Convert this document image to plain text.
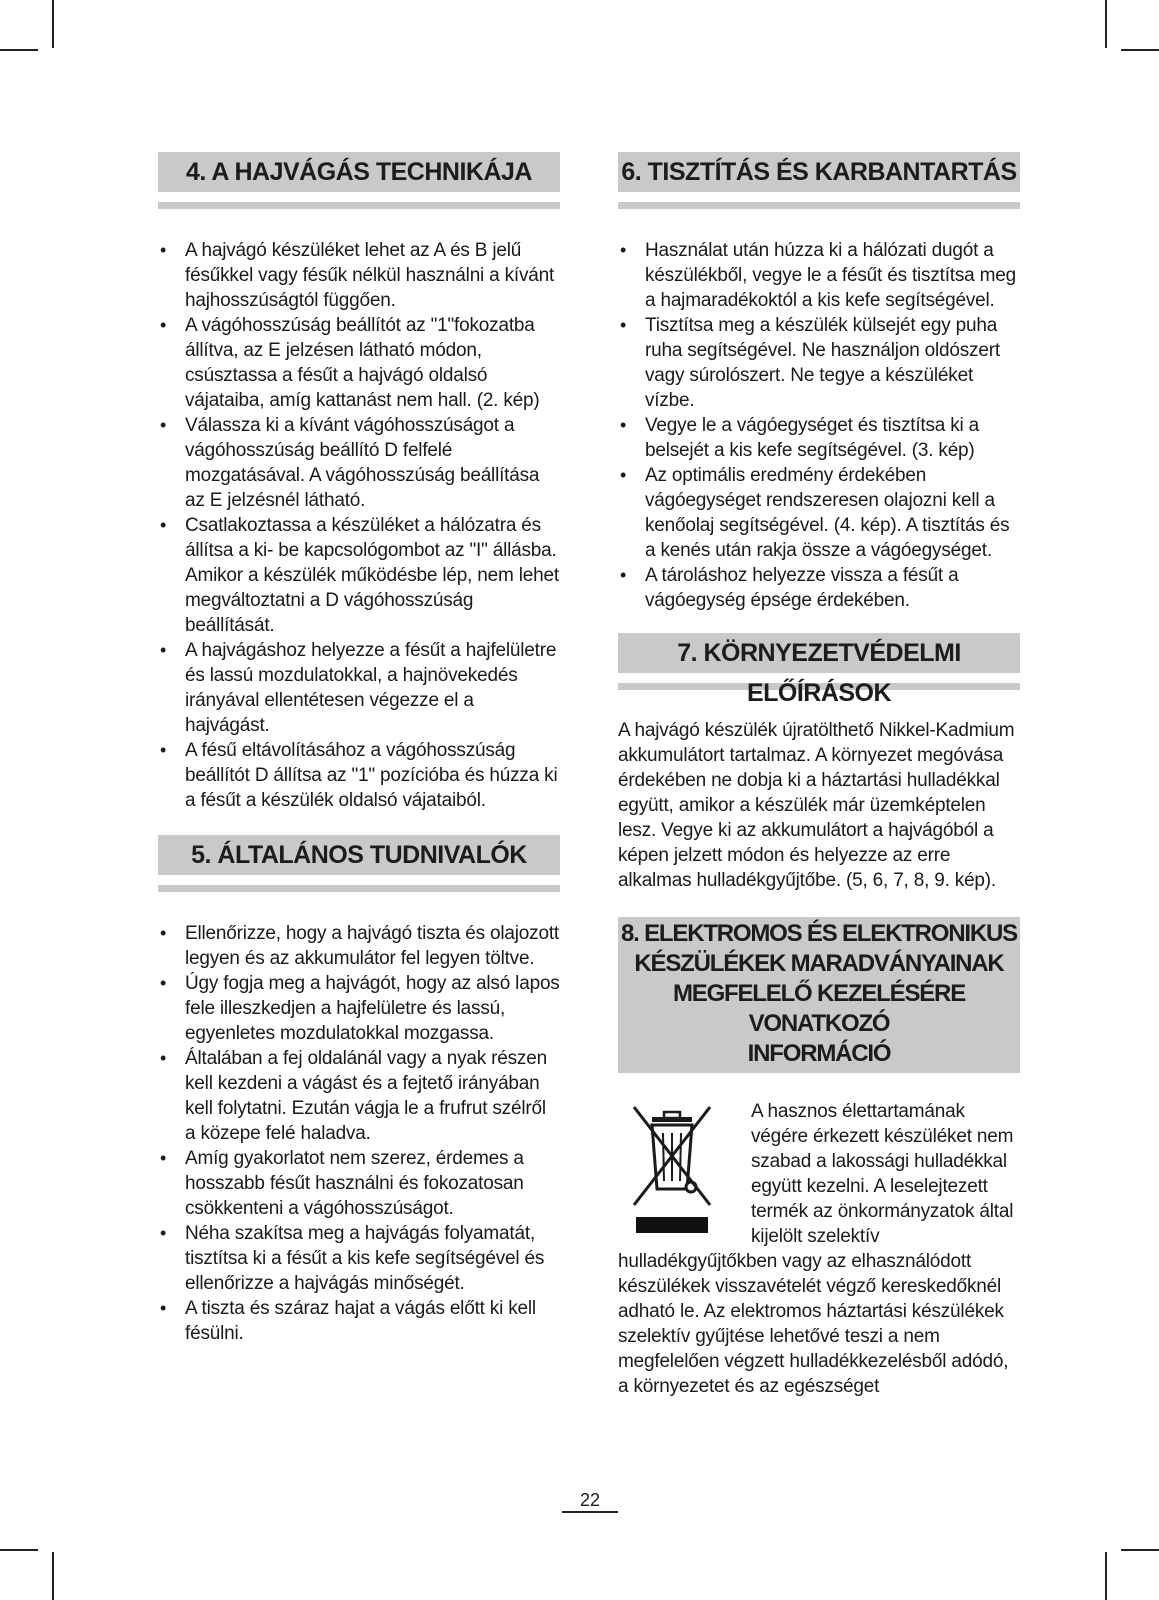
4. A HAJVÁGÁS TECHNIKÁJA
• A hajvágó készüléket lehet az A és B jelű fésűkkel vagy fésűk nélkül használni a kívánt hajhosszúságtól függően.
• A vágóhosszúság beállítót az "1"fokozatba állítva, az E jelzésen látható módon, csúsztassa a fésűt a hajvágó oldalsó vájataiba, amíg kattanást nem hall. (2. kép)
• Válassza ki a kívánt vágóhosszúságot a vágóhosszúság beállító D felfelé mozgatásával. A vágóhosszúság beállítása az E jelzésnél látható.
• Csatlakoztassa a készüléket a hálózatra és állítsa a ki- be kapcsológombot az "I" állásba. Amikor a készülék működésbe lép, nem lehet megváltoztatni a D vágóhosszúság beállítását.
• A hajvágáshoz helyezze a fésűt a hajfelületre és lassú mozdulatokkal, a hajnövekedés irányával ellentétesen végezze el a hajvágást.
• A fésű eltávolításához a vágóhosszúság beállítót D állítsa az "1" pozícióba és húzza ki a fésűt a készülék oldalsó vájataiból.
5. ÁLTALÁNOS TUDNIVALÓK
• Ellenőrizze, hogy a hajvágó tiszta és olajozott legyen és az akkumulátor fel legyen töltve.
• Úgy fogja meg a hajvágót, hogy az alsó lapos fele illeszkedjen a hajfelületre és lassú, egyenletes mozdulatokkal mozgassa.
• Általában a fej oldalánál vagy a nyak részen kell kezdeni a vágást és a fejtető irányában kell folytatni. Ezután vágja le a frufrut szélről a közepe felé haladva.
• Amíg gyakorlatot nem szerez, érdemes a hosszabb fésűt használni és fokozatosan csökkenteni a vágóhosszúságot.
• Néha szakítsa meg a hajvágás folyamatát, tisztítsa ki a fésűt a kis kefe segítségével és ellenőrizze a hajvágás minőségét.
• A tiszta és száraz hajat a vágás előtt ki kell fésülni.
6. TISZTÍTÁS ÉS KARBANTARTÁS
• Használat után húzza ki a hálózati dugót a készülékből, vegye le a fésűt és tisztítsa meg a hajmaradékoktól a kis kefe segítségével.
• Tisztítsa meg a készülék külsejét egy puha ruha segítségével. Ne használjon oldószert vagy súrolószert. Ne tegye a készüléket vízbe.
• Vegye le a vágóegységet és tisztítsa ki a belsejét a kis kefe segítségével. (3. kép)
• Az optimális eredmény érdekében vágóegységet rendszeresen olajozni kell a kenőolaj segítségével. (4. kép). A tisztítás és a kenés után rakja össze a vágóegységet.
• A tároláshoz helyezze vissza a fésűt a vágóegység épsége érdekében.
7. KÖRNYEZETVÉDELMI ELŐÍRÁSOK

A hajvágó készülék újratölthető Nikkel-Kadmium akkumulátort tartalmaz. A környezet megóvása érdekében ne dobja ki a háztartási hulladékkal együtt, amikor a készülék már üzemképtelen lesz. Vegye ki az akkumulátort a hajvágóból a képen jelzett módon és helyezze az erre alkalmas hulladékgyűjtőbe. (5, 6, 7, 8, 9. kép).

8. ELEKTROMOS ÉS ELEKTRONIKUS
KÉSZÜLÉKEK MARADVÁNYAINAK
MEGFELELŐ KEZELÉSÉRE VONATKOZÓ
INFORMÁCIÓ

A hasznos élettartamának végére érkezett készüléket nem szabad a lakossági hulladékkal együtt kezelni. A leselejtezett termék az önkormányzatok által kijelölt szelektív hulladékgyűjtőkben vagy az elhasználódott készülékek visszavételét végző kereskedőknél adható le. Az elektromos háztartási készülékek szelektív gyűjtése lehetővé teszi a nem megfelelően végzett hulladékkezelésből adódó, a környezetet és az egészséget

22
